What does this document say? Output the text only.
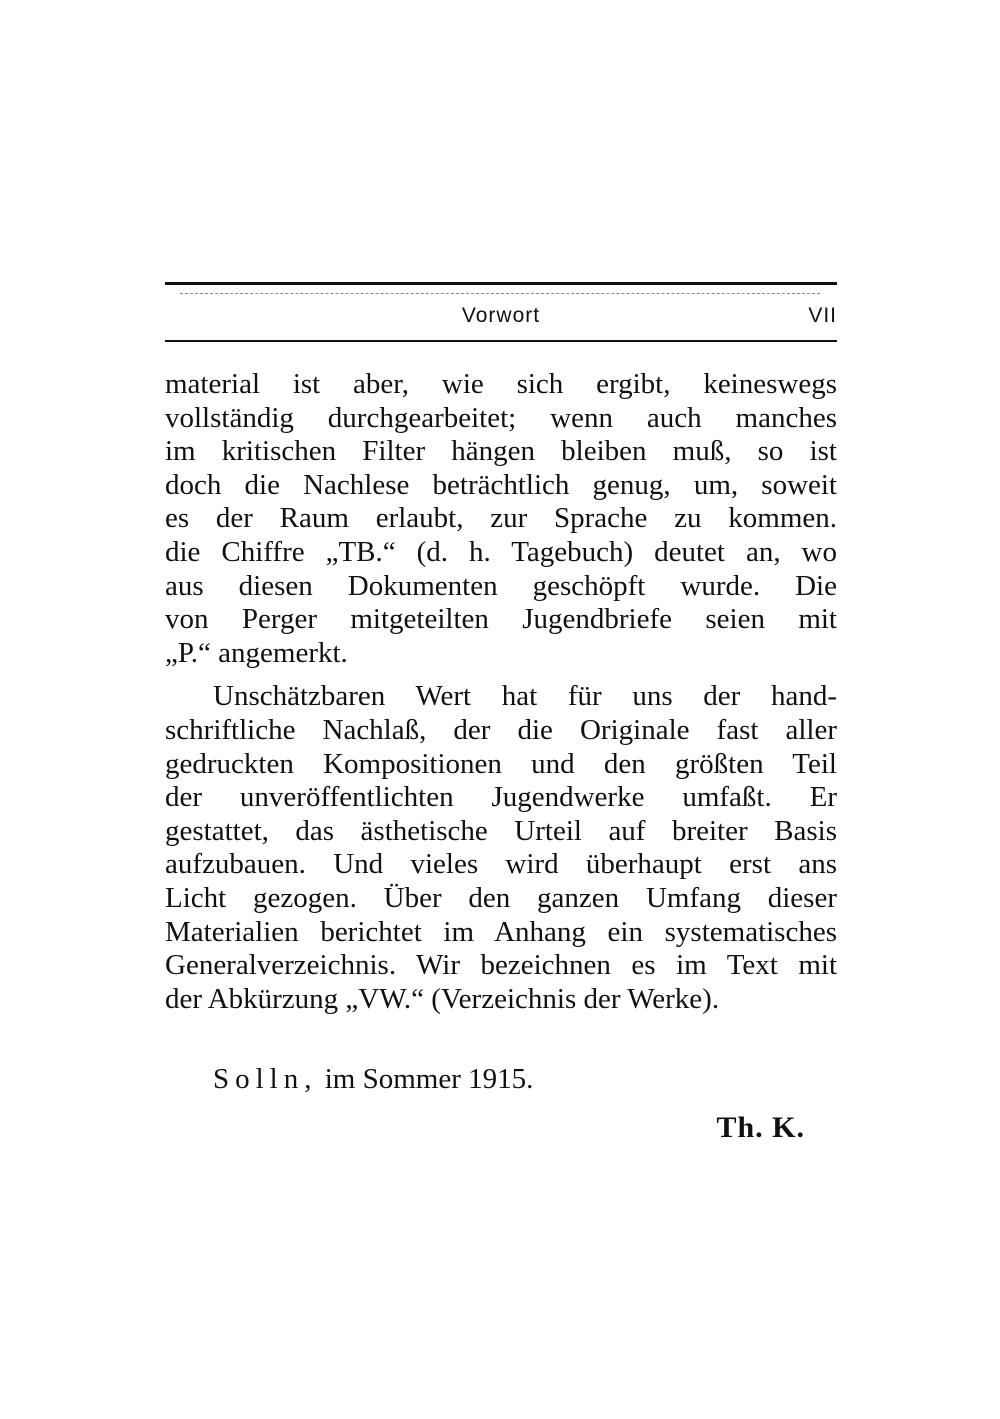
Vorwort	VII
material ist aber, wie sich ergibt, keineswegs
vollständig durchgearbeitet; wenn auch manches
im kritischen Filter hängen bleiben muß, so ist
doch die Nachlese beträchtlich genug, um, soweit
es der Raum erlaubt, zur Sprache zu kommen.
die Chiffre „TB.“ (d. h. Tagebuch) deutet an, wo
aus diesen Dokumenten geschöpft wurde. Die
von Perger mitgeteilten Jugendbriefe seien mit
„P.“ angemerkt.
Unschätzbaren Wert hat für uns der hand-
schriftliche Nachlaß, der die Originale fast aller
gedruckten Kompositionen und den größten Teil
der unveröffentlichten Jugendwerke umfaßt. Er
gestattet, das ästhetische Urteil auf breiter Basis
aufzubauen. Und vieles wird überhaupt erst ans
Licht gezogen. Über den ganzen Umfang dieser
Materialien berichtet im Anhang ein systematisches
Generalverzeichnis. Wir bezeichnen es im Text mit
der Abkürzung „VW.“ (Verzeichnis der Werke).
Solln, im Sommer 1915.
Th. K.
